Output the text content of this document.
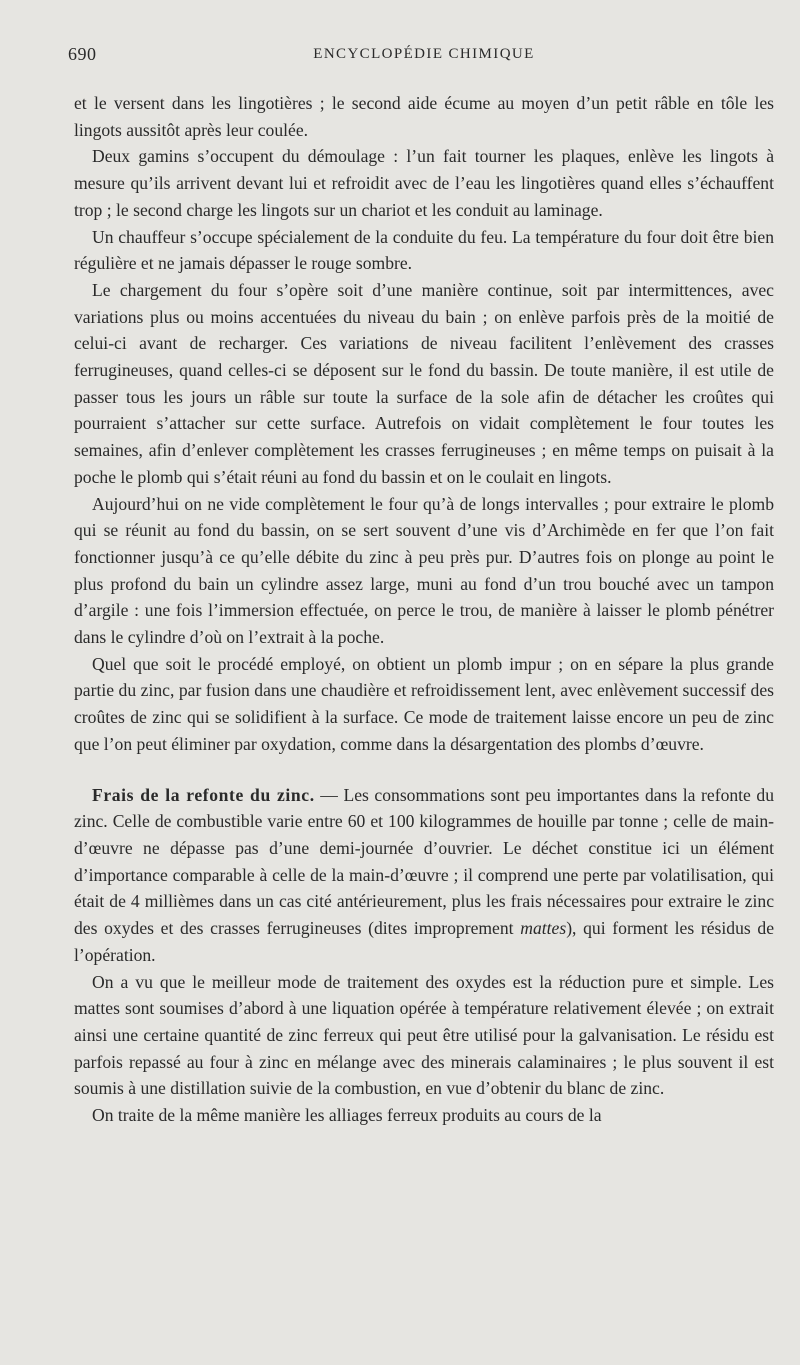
690	ENCYCLOPÉDIE CHIMIQUE

et le versent dans les lingotières ; le second aide écume au moyen d’un petit râble en tôle les lingots aussitôt après leur coulée.

Deux gamins s’occupent du démoulage : l’un fait tourner les plaques, enlève les lingots à mesure qu’ils arrivent devant lui et refroidit avec de l’eau les lingotières quand elles s’échauffent trop ; le second charge les lingots sur un chariot et les conduit au laminage.

Un chauffeur s’occupe spécialement de la conduite du feu. La température du four doit être bien régulière et ne jamais dépasser le rouge sombre.

Le chargement du four s’opère soit d’une manière continue, soit par intermittences, avec variations plus ou moins accentuées du niveau du bain ; on enlève parfois près de la moitié de celui-ci avant de recharger. Ces variations de niveau facilitent l’enlèvement des crasses ferrugineuses, quand celles-ci se déposent sur le fond du bassin. De toute manière, il est utile de passer tous les jours un râble sur toute la surface de la sole afin de détacher les croûtes qui pourraient s’attacher sur cette surface. Autrefois on vidait complètement le four toutes les semaines, afin d’enlever complètement les crasses ferrugineuses ; en même temps on puisait à la poche le plomb qui s’était réuni au fond du bassin et on le coulait en lingots.

Aujourd’hui on ne vide complètement le four qu’à de longs intervalles ; pour extraire le plomb qui se réunit au fond du bassin, on se sert souvent d’une vis d’Archimède en fer que l’on fait fonctionner jusqu’à ce qu’elle débite du zinc à peu près pur. D’autres fois on plonge au point le plus profond du bain un cylindre assez large, muni au fond d’un trou bouché avec un tampon d’argile : une fois l’immersion effectuée, on perce le trou, de manière à laisser le plomb pénétrer dans le cylindre d’où on l’extrait à la poche.

Quel que soit le procédé employé, on obtient un plomb impur ; on en sépare la plus grande partie du zinc, par fusion dans une chaudière et refroidissement lent, avec enlèvement successif des croûtes de zinc qui se solidifient à la surface. Ce mode de traitement laisse encore un peu de zinc que l’on peut éliminer par oxydation, comme dans la désargentation des plombs d’œuvre.

Frais de la refonte du zinc. — Les consommations sont peu importantes dans la refonte du zinc. Celle de combustible varie entre 60 et 100 kilogrammes de houille par tonne ; celle de main-d’œuvre ne dépasse pas d’une demi-journée d’ouvrier. Le déchet constitue ici un élément d’importance comparable à celle de la main-d’œuvre ; il comprend une perte par volatilisation, qui était de 4 millièmes dans un cas cité antérieurement, plus les frais nécessaires pour extraire le zinc des oxydes et des crasses ferrugineuses (dites improprement mattes), qui forment les résidus de l’opération.

On a vu que le meilleur mode de traitement des oxydes est la réduction pure et simple. Les mattes sont soumises d’abord à une liquation opérée à température relativement élevée ; on extrait ainsi une certaine quantité de zinc ferreux qui peut être utilisé pour la galvanisation. Le résidu est parfois repassé au four à zinc en mélange avec des minerais calaminaires ; le plus souvent il est soumis à une distillation suivie de la combustion, en vue d’obtenir du blanc de zinc.

On traite de la même manière les alliages ferreux produits au cours de la
